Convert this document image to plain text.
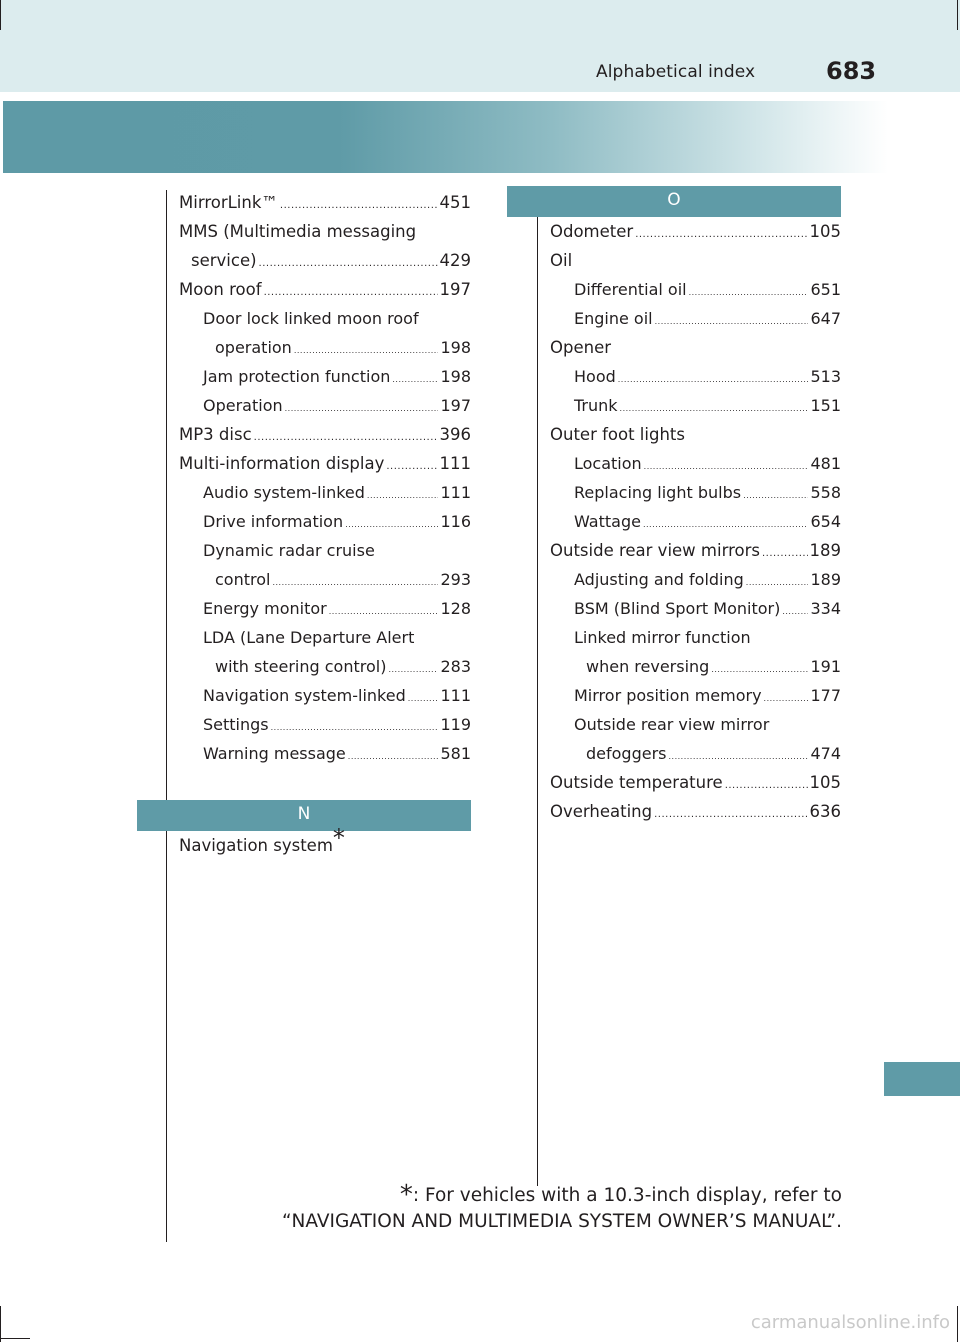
Alphabetical index	683
MirrorLink™ .....	451
MMS (Multimedia messaging
service) .....	429
Moon roof .....	197
Door lock linked moon roof
operation .....	198
Jam protection function .....	198
Operation .....	197
MP3 disc .....	396
Multi-information display .....	111
Audio system-linked .....	111
Drive information .....	116
Dynamic radar cruise
control .....	293
Energy monitor .....	128
LDA (Lane Departure Alert
with steering control) .....	283
Navigation system-linked ..... 111
Settings .....	119
Warning message .....	581
N
Navigation system*
O
Odometer .....	105
Oil
Differential oil .....	651
Engine oil .....	647
Opener
Hood .....	513
Trunk .....	151
Outer foot lights
Location .....	481
Replacing light bulbs .....	558
Wattage .....	654
Outside rear view mirrors .....	189
Adjusting and folding .....	189
BSM (Blind Sport Monitor) ..... 334
Linked mirror function
when reversing .....	191
Mirror position memory .....	177
Outside rear view mirror
defoggers .....	474
Outside temperature .....	105
Overheating .....	636
*: For vehicles with a 10.3-inch display, refer to
“NAVIGATION AND MULTIMEDIA SYSTEM OWNER’S MANUAL”.
carmanualsonline.info
